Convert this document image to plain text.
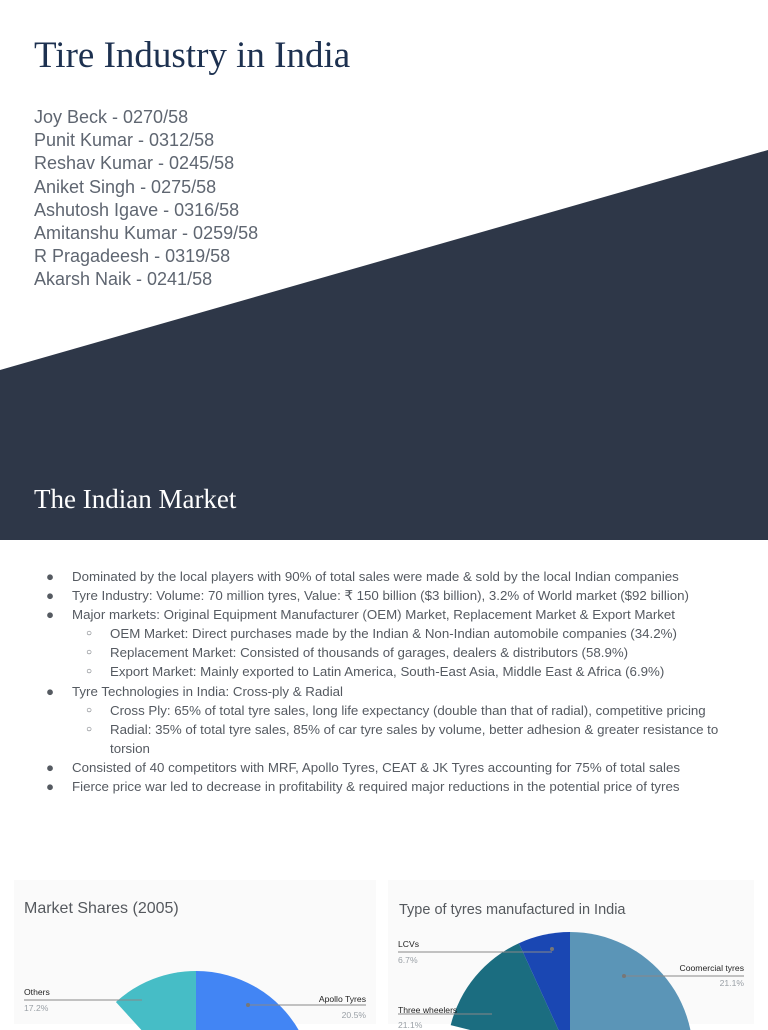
Tire Industry in India
Joy Beck - 0270/58
Punit Kumar - 0312/58
Reshav Kumar - 0245/58
Aniket Singh - 0275/58
Ashutosh Igave - 0316/58
Amitanshu Kumar - 0259/58
R Pragadeesh - 0319/58
Akarsh Naik - 0241/58
The Indian Market
● Dominated by the local players with 90% of total sales were made & sold by the local Indian companies
● Tyre Industry: Volume: 70 million tyres, Value: ₹ 150 billion ($3 billion), 3.2% of World market ($92 billion)
● Major markets: Original Equipment Manufacturer (OEM) Market, Replacement Market & Export Market
○ OEM Market: Direct purchases made by the Indian & Non-Indian automobile companies (34.2%)
○ Replacement Market: Consisted of thousands of garages, dealers & distributors (58.9%)
○ Export Market: Mainly exported to Latin America, South-East Asia, Middle East & Africa (6.9%)
● Tyre Technologies in India: Cross-ply & Radial
○ Cross Ply: 65% of total tyre sales, long life expectancy (double than that of radial), competitive pricing
○ Radial: 35% of total tyre sales, 85% of car tyre sales by volume, better adhesion & greater resistance to torsion
● Consisted of 40 competitors with MRF, Apollo Tyres, CEAT & JK Tyres accounting for 75% of total sales
● Fierce price war led to decrease in profitability & required major reductions in the potential price of tyres
Market Shares (2005)
Others
17.2%
Apollo Tyres
20.5%
Type of tyres manufactured in India
LCVs
6.7%
Coomercial tyres
21.1%
Three wheelers
21.1%
